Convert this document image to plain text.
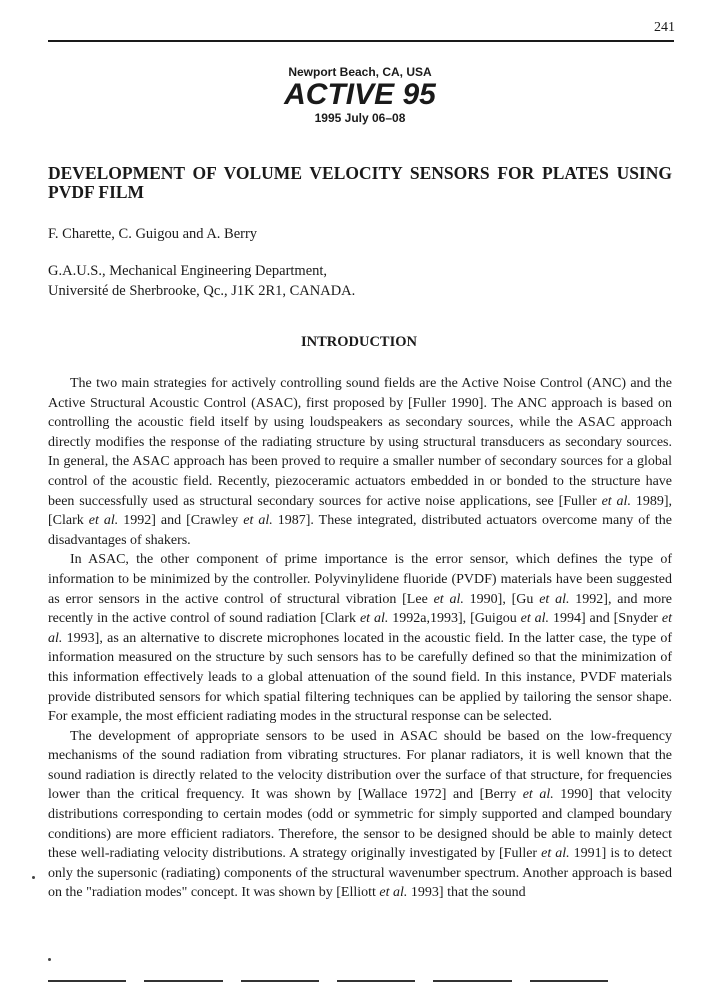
241
Newport Beach, CA, USA
ACTIVE 95
1995 July 06–08
DEVELOPMENT OF VOLUME VELOCITY SENSORS FOR PLATES USING PVDF FILM
F. Charette, C. Guigou and A. Berry
G.A.U.S., Mechanical Engineering Department,
Université de Sherbrooke, Qc., J1K 2R1, CANADA.
INTRODUCTION

The two main strategies for actively controlling sound fields are the Active Noise Control (ANC) and the Active Structural Acoustic Control (ASAC), first proposed by [Fuller 1990]. The ANC approach is based on controlling the acoustic field itself by using loudspeakers as secondary sources, while the ASAC approach directly modifies the response of the radiating structure by using structural transducers as secondary sources. In general, the ASAC approach has been proved to require a smaller number of secondary sources for a global control of the acoustic field. Recently, piezoceramic actuators embedded in or bonded to the structure have been successfully used as structural secondary sources for active noise applications, see [Fuller et al. 1989], [Clark et al. 1992] and [Crawley et al. 1987]. These integrated, distributed actuators overcome many of the disadvantages of shakers.

In ASAC, the other component of prime importance is the error sensor, which defines the type of information to be minimized by the controller. Polyvinylidene fluoride (PVDF) materials have been suggested as error sensors in the active control of structural vibration [Lee et al. 1990], [Gu et al. 1992], and more recently in the active control of sound radiation [Clark et al. 1992a,1993], [Guigou et al. 1994] and [Snyder et al. 1993], as an alternative to discrete microphones located in the acoustic field. In the latter case, the type of information measured on the structure by such sensors has to be carefully defined so that the minimization of this information effectively leads to a global attenuation of the sound field. In this instance, PVDF materials provide distributed sensors for which spatial filtering techniques can be applied by tailoring the sensor shape. For example, the most efficient radiating modes in the structural response can be selected.

The development of appropriate sensors to be used in ASAC should be based on the low-frequency mechanisms of the sound radiation from vibrating structures. For planar radiators, it is well known that the sound radiation is directly related to the velocity distribution over the surface of that structure, for frequencies lower than the critical frequency. It was shown by [Wallace 1972] and [Berry et al. 1990] that velocity distributions corresponding to certain modes (odd or symmetric for simply supported and clamped boundary conditions) are more efficient radiators. Therefore, the sensor to be designed should be able to mainly detect these well-radiating velocity distributions. A strategy originally investigated by [Fuller et al. 1991] is to detect only the supersonic (radiating) components of the structural wavenumber spectrum. Another approach is based on the "radiation modes" concept. It was shown by [Elliott et al. 1993] that the sound
